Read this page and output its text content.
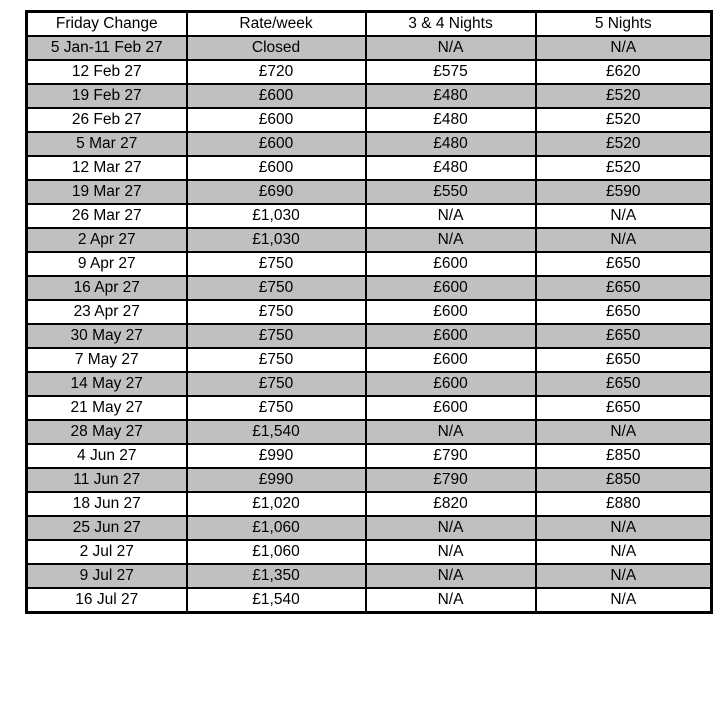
Friday Change	Rate/week	3 & 4 Nights	5 Nights
5 Jan-11 Feb 27	Closed	N/A	N/A
12 Feb 27	£720	£575	£620
19 Feb 27	£600	£480	£520
26 Feb 27	£600	£480	£520
5 Mar 27	£600	£480	£520
12 Mar 27	£600	£480	£520
19 Mar 27	£690	£550	£590
26 Mar 27	£1,030	N/A	N/A
2 Apr 27	£1,030	N/A	N/A
9 Apr 27	£750	£600	£650
16 Apr 27	£750	£600	£650
23 Apr 27	£750	£600	£650
30 May 27	£750	£600	£650
7 May 27	£750	£600	£650
14 May 27	£750	£600	£650
21 May 27	£750	£600	£650
28 May 27	£1,540	N/A	N/A
4 Jun 27	£990	£790	£850
11 Jun 27	£990	£790	£850
18 Jun 27	£1,020	£820	£880
25 Jun 27	£1,060	N/A	N/A
2 Jul 27	£1,060	N/A	N/A
9 Jul 27	£1,350	N/A	N/A
16 Jul 27	£1,540	N/A	N/A
